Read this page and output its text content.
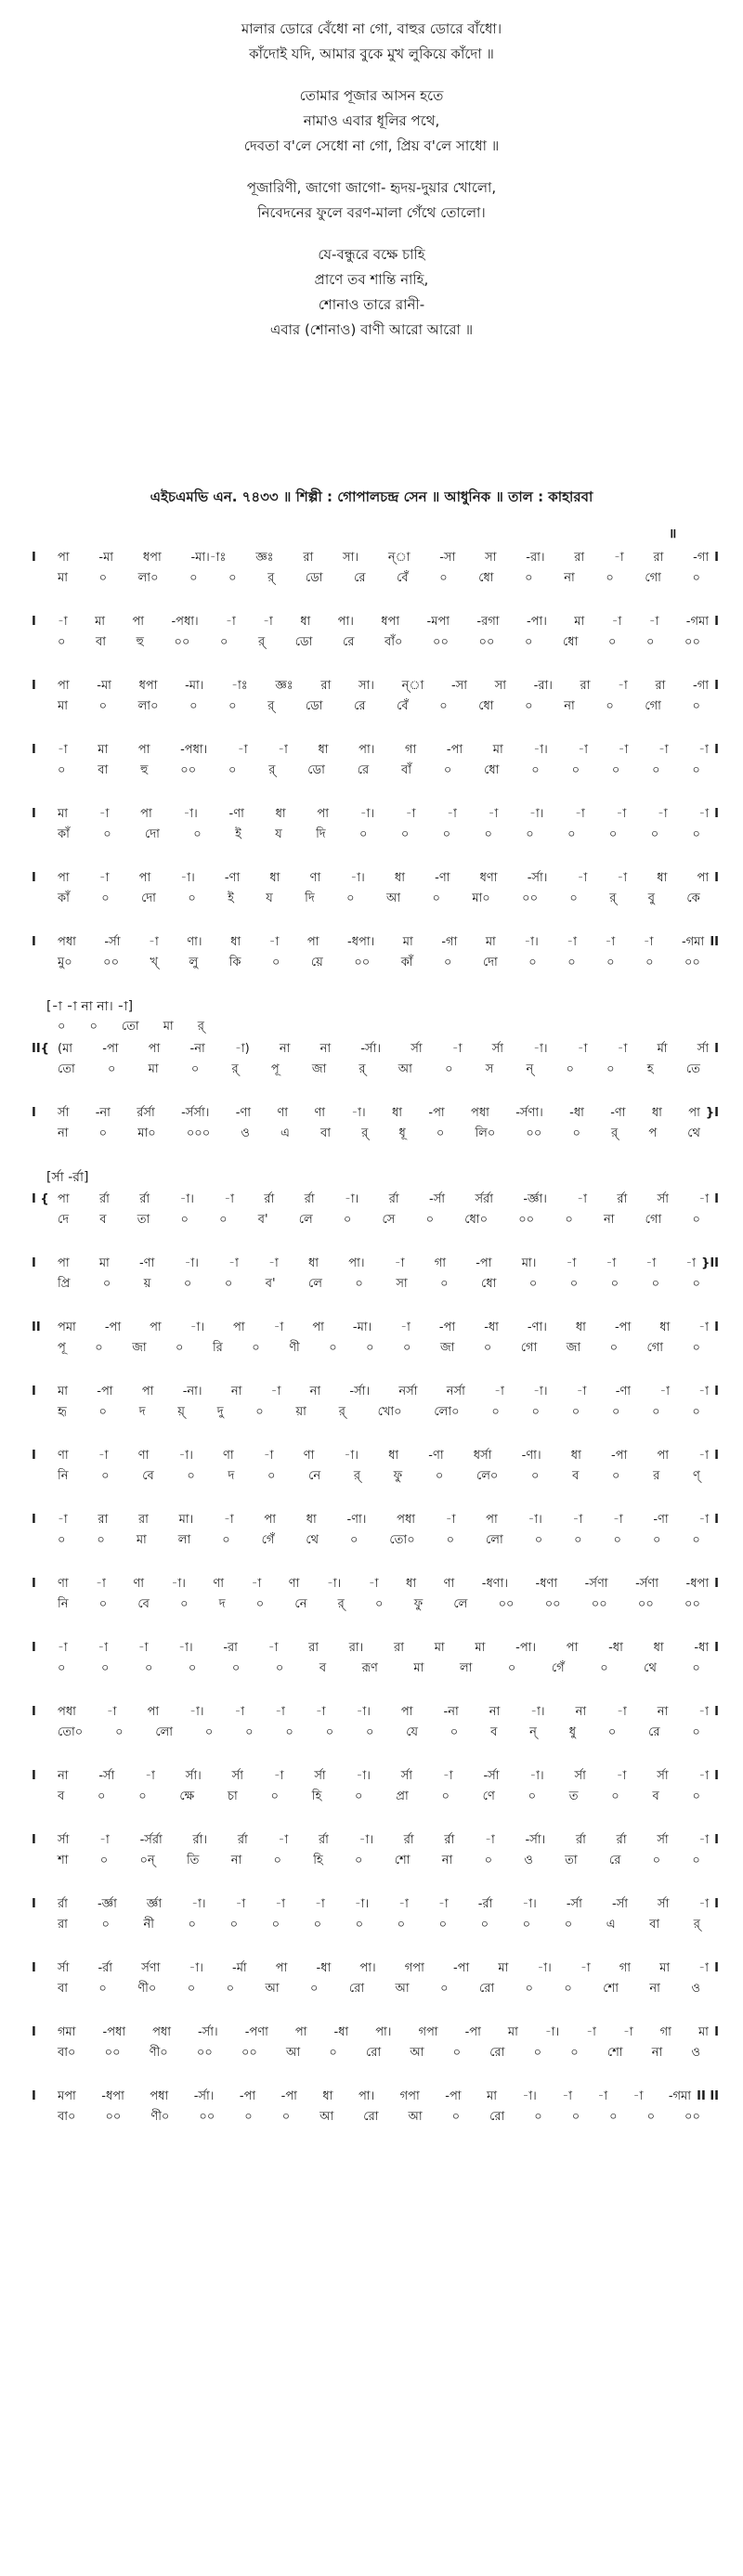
মালার ডোরে বেঁধো না গো, বাহুর ডোরে বাঁধো।
কাঁদোই যদি, আমার বুকে মুখ লুকিয়ে কাঁদো ॥
তোমার পূজার আসন হতে
নামাও এবার ধূলির পথে,
দেবতা ব'লে সেধো না গো, প্রিয় ব'লে সাধো ॥
পূজারিণী, জাগো জাগো- হৃদয়-দুয়ার খোলো,
নিবেদনের ফুলে বরণ-মালা গেঁথে তোলো।
যে-বন্ধুরে বক্ষে চাহি
প্রাণে তব শান্তি নাহি,
শোনাও তারে রানী-
এবার (শোনাও) বাণী আরো আরো ॥
এইচএমভি এন. ৭৪৩৩ ॥ শিল্পী : গোপালচন্দ্র সেন ॥ আধুনিক ॥ তাল : কাহারবা
॥
I	পা -মা ধপা -মা।-াঃ জ্ঞঃ রা সা। ন্‌া -সা সা -রা। রা -া রা -গা I
মা	০	লা০	০	০	র্‌	ডো	রে	বেঁ	০	ধো	০	না	০	গো	০
I	-া মা পা -পধা। -া -া ধা পা। ধপা -মপা -রগা -পা। মা -া -া -গমা I
০	বা	হু	০০	০	র্‌	ডো	রে	বাঁ০	০০	০০	০	ধো	০	০	০০
I	পা -মা ধপা -মা। -াঃ জ্ঞঃ রা সা। ন্‌া -সা সা -রা। রা -া রা -গা I
মা	০	লা০	০	০	র্‌	ডো	রে	বেঁ	০	ধো	০	না	০	গো	০
I	-া	মা	পা	-পধা।	-া	-া	ধা	পা।	গা	-পা	মা	-া।	-া	-া	-া	-া I
০	বা	হু	০০	০	র্‌	ডো	রে	বাঁ	০	ধো	০	০	০	০	০
I	মা	-া	পা	-া।	-ণা	ধা	পা	-া।	-া	-া	-া	-া।	-া	-া	-া	-া I
কাঁ	০	দো	০	ই	য	দি	০	০	০	০	০	০	০	০	০
I	পা -া পা -া। -ণা ধা ণা -া। ধা -ণা ধণা -র্সা। -া -া ধা পা I
কাঁ	০	দো	০	ই	য	দি	০	আ	০	মা০	০০	০	র্‌	বু	কে
I	পধা -র্সা -া ণা। ধা -া পা -ধপা। মা -গা মা -া। -া -া -া -গমা II
মু০	০০	খ্‌	লু	কি	০	য়ে	০০	কাঁ	০	দো	০	০	০	০	০০
[-া -া না না। -া]
০ ০ তো মা র্‌
II{ (মা -পা পা -না -া) না না -র্সা। র্সা -া র্সা -া। -া -া র্মা র্সা I
তো	০	মা	০	র্‌	পূ	জা	র্‌	আ	০	স	ন্‌	০	০	হ	তে
I	র্সা -না র্রর্সা -র্সর্সা। -ণা ণা ণা -া। ধা -পা পধা -র্সণা। -ধা -ণা ধা পা }I
না	০	মা০	০০০	ও	এ	বা	র্‌	ধূ	০	লি০	০০	০	র্‌	প	থে
[র্সা -র্রা]
I { পা র্রা র্রা -া। -া র্রা র্রা -া। র্রা -র্সা র্সর্রা -র্জ্ঞা। -া র্রা র্সা -া I
দে	ব	তা	০	০	ব'	লে	০	সে	০	ধো০	০০	০	না	গো	০
I	পা মা -ণা -া। -া -া ধা পা। -া গা -পা মা। -া -া -া -া }II
প্রি	০	য়	০	০	ব'	লে	০	সা	০	ধো	০	০	০	০	০
II	পমা -পা পা -া। পা -া পা -মা। -া -পা -ধা -ণা। ধা -পা ধা -া I
পূ ০ জা ০ রি ০ ণী ০ ০ ০ জা ০ গো জা ০ গো ০
I	মা -পা পা -না। না -া না -র্সা। নর্সা নর্সা -া -া। -া -ণা -া -া I
হৃ	০	দ	য়্‌	দু	০	য়া	র্‌	খো০	লো০	০	০	০	০	০	০
I	ণা -া ণা -া। ণা -া ণা -া। ধা -ণা ধর্সা -ণা। ধা -পা পা -া I
নি	০	বে	০	দ	০	নে	র্‌	ফু	০	লে০	০	ব	০	র	ণ্‌
I	-া	রা	রা	মা।	-া	পা	ধা	-ণা।	পধা	-া	পা	-া।	-া	-া	-ণা	-া I
০	০	মা	লা	০	গেঁ	থে	০	তো০	০	লো	০	০	০	০	০
I	ণা -া ণা -া। ণা -া ণা -া। -া ধা ণা -ধণা। -ধণা -র্সণা -র্সণা -ধপা I
নি	০	বে	০	দ	০	নে	র্‌	০	ফু	লে	০০	০০	০০	০০	০০
I	-া	-া	-া	-া।	-রা	-া	রা	রা।	রা	মা	মা	-পা।	পা	-ধা	ধা	-ধা I
০	০	০	০	০	০	ব	রূণ	মা	লা	০	গেঁ	০	থে	০
I	পধা	-া	পা	-া।	-া	-া	-া	-া।	পা	-না	না	-া।	না	-া	না	-া I
তো০	০	লো	০	০	০	০	০	যে	০	ব	ন্‌	ধু	০	রে	০
I	না	-র্সা	-া	র্সা।	র্সা	-া	র্সা	-া।	র্সা	-া	-র্সা	-া।	র্সা	-া	র্সা	-া I
ব	০	০	ক্ষে	চা	০	হি	০	প্রা	০	ণে	০	ত	০	ব	০
I	র্সা	-া	-র্সর্রা	র্রা।	র্রা	-া	র্রা	-া।	র্রা	র্রা	-া	-র্সা।	র্রা	র্রা	র্সা	-া I
শা	০	০ন্‌	তি	না	০	হি	০	শো	না	০	ও	তা	রে	০	০
I	র্রা -র্জ্ঞা র্জ্ঞা -া। -া -া -া -া। -া -া -র্রা -া। -র্সা -র্সা র্সা -া I
রা	০	নী	০	০	০	০	০	০	০	০	০	০	এ	বা	র্‌
I	র্সা -র্রা র্সণা -া। -র্মা পা -ধা পা। গপা -পা মা -া। -া গা মা -া I
বা	০	ণী০	০	০	আ	০	রো	আ	০	রো	০	০	শো	না	ও
I	গমা -পধা পধা -র্সা। -পণা পা -ধা পা। গপা -পা মা -া। -া -া গা মা I
বা০ ০০ ণী০ ০০ ০০ আ ০ রো আ ০ রো ০ ০ শো না ও
I	মপা -ধপা পধা -র্সা। -পা -পা ধা পা। গপা -পা মা -া। -া -া -া -গমা II II
বা০ ০০ ণী০ ০০ ০ ০ আ রো আ ০ রো ০ ০ ০ ০ ০০
